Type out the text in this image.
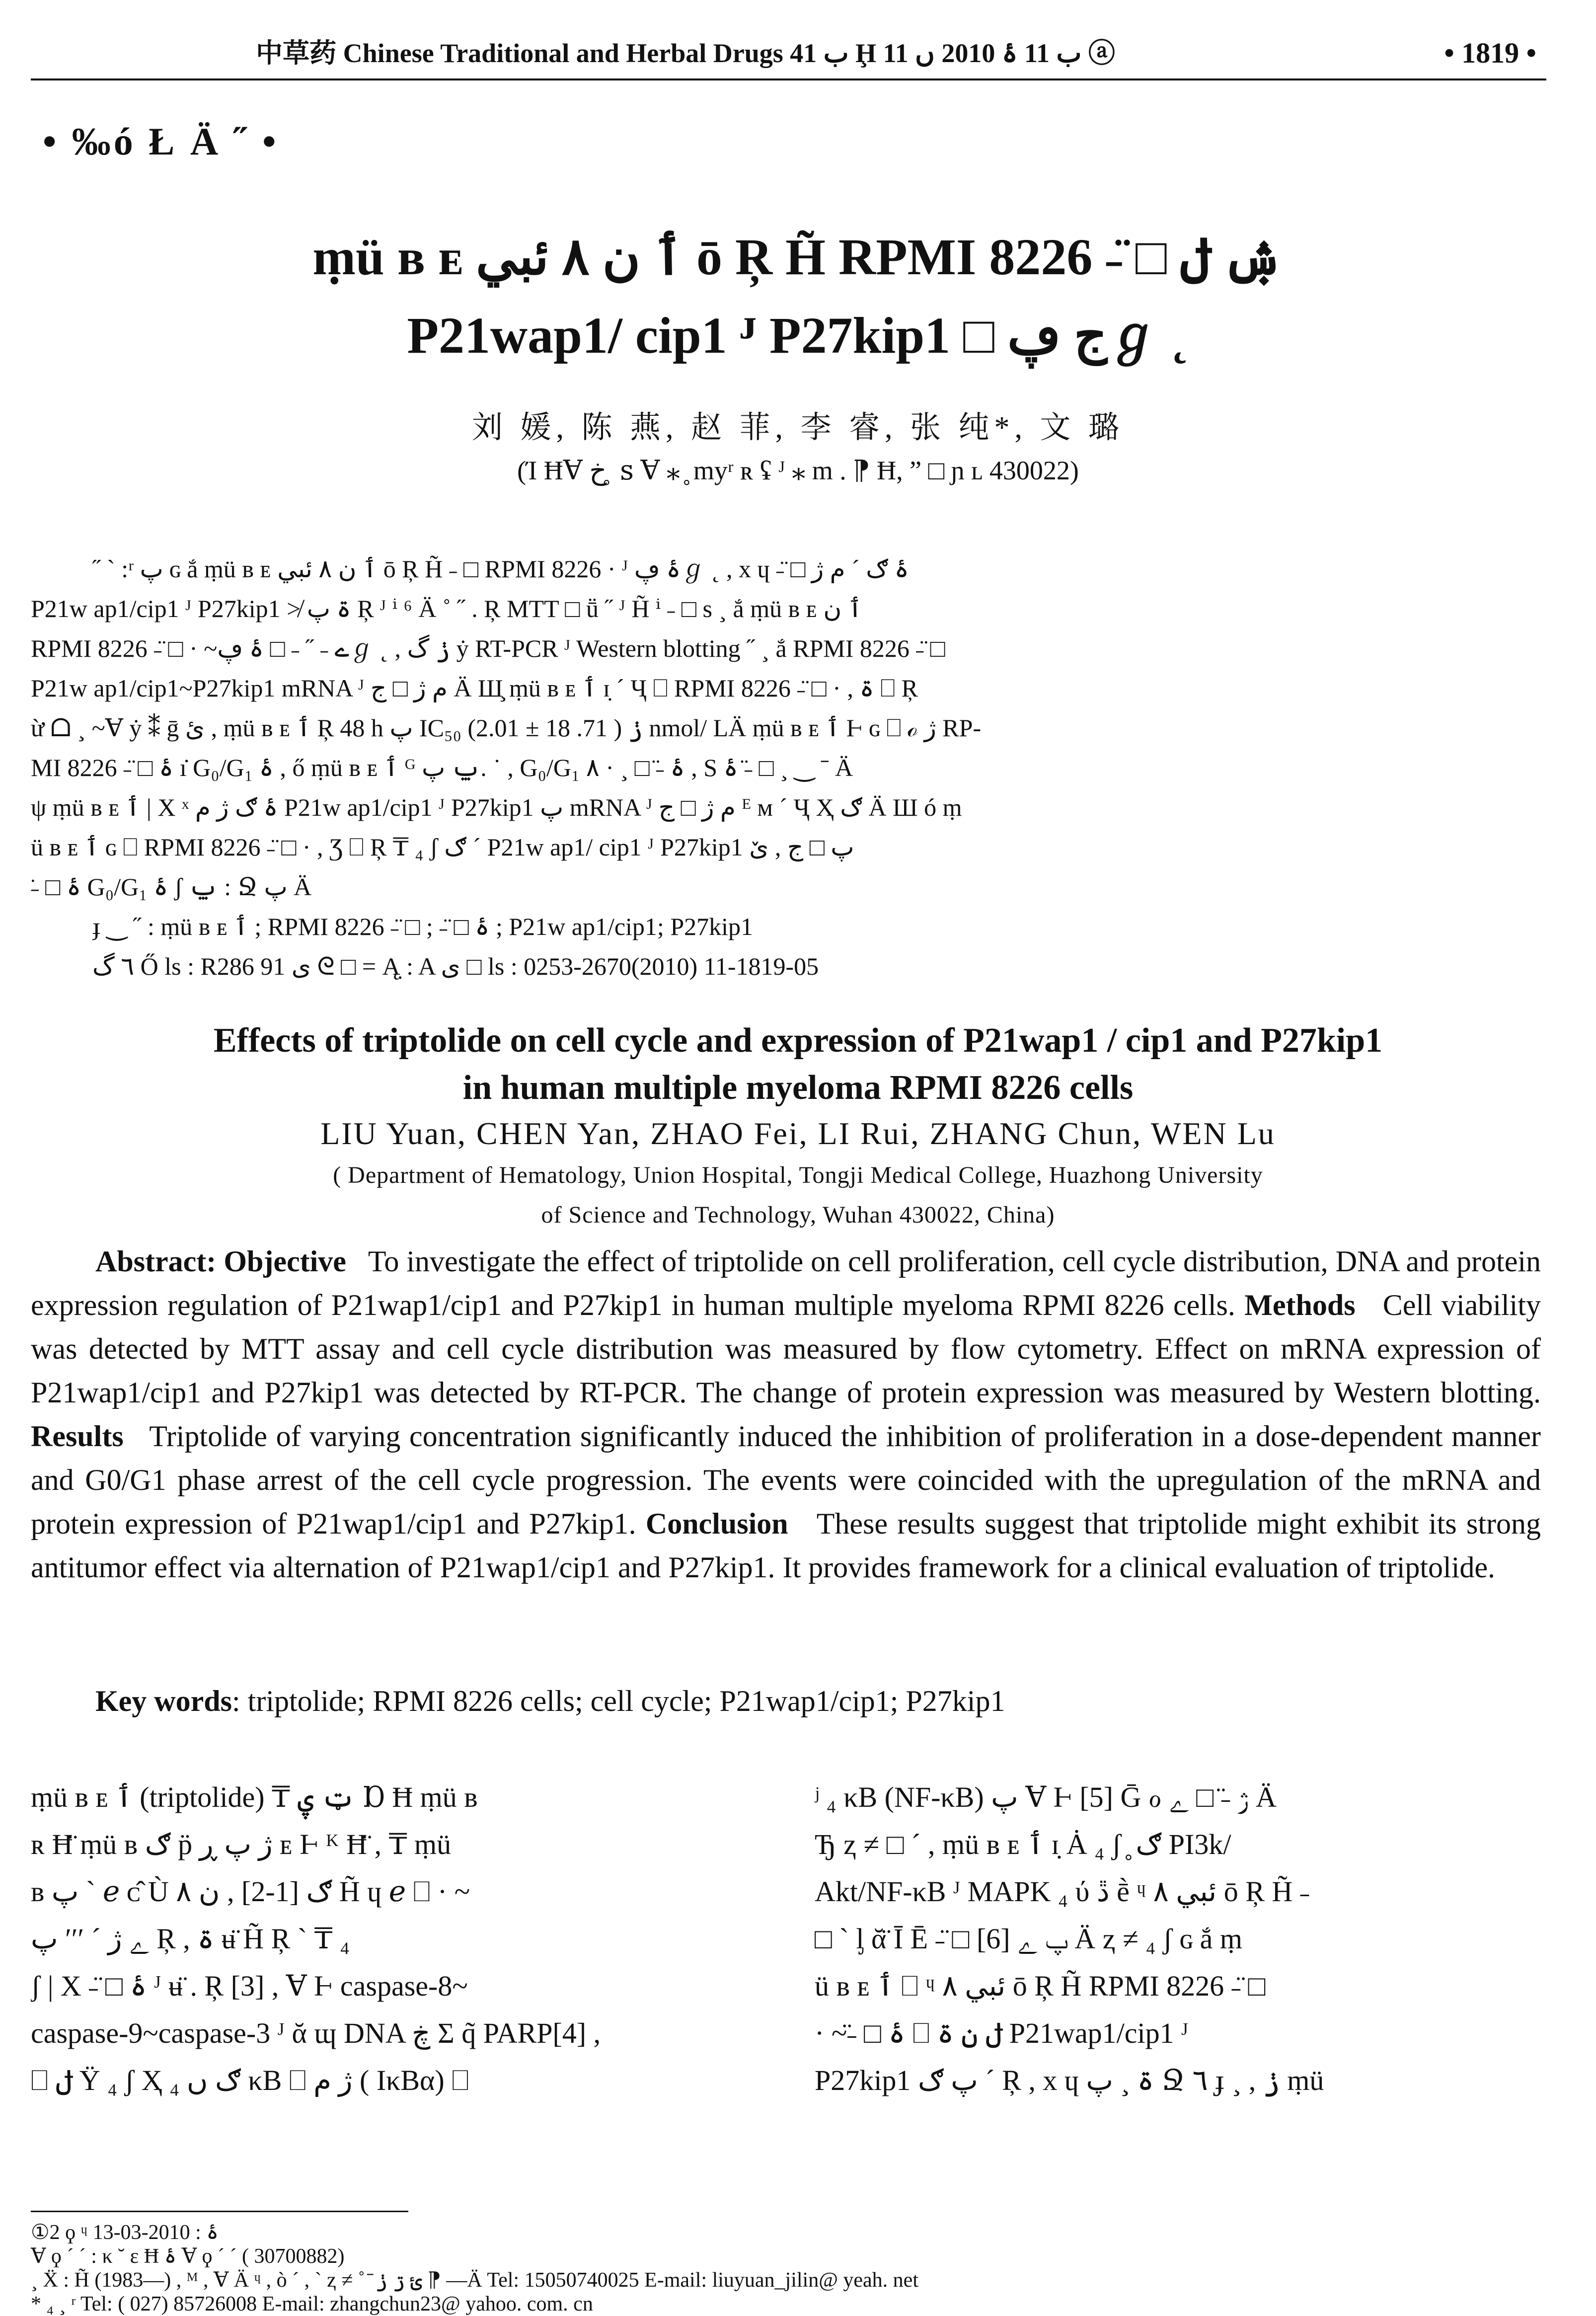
中草药 Chinese Traditional and Herbal Drugs ب 41 Ḩ ب 11 ۂ 2010 ں 11 ⓐ	• 1819 •
• ‰ó Ł Ä ˝ •
ṃü ʙ ᴇ ٲ ن ۸ ئبي ō Ŗ H̃ RPMI 8226 ˗̈ □ ۺ ݪ
P21wap1/ cip1 ᴶ P27kip1 □ ج ڥℊ ˛
刘 媛, 陈 燕, 赵 菲, 李 睿, 张 纯*, 文 璐
(Ί ĦⱯ خ ̥ ꜱ Ɐ ⁎ ̥ myʳ ʀ ʢ ᴶ ⁎ m . ⁋ Ħ, ” □ ɲ ʟ 430022)
˝ ˋ :ʳ پ ɢ ắ ṃü ʙ ᴇ ٲ ن ۸ ئبي ō Ŗ H̃ ˗ □ RPMI 8226 · ᴶ ۂ ڥℊ ˛ , x ɥ ˗̈ □ ۂ ګ ˊ م ژ
P21w ap1/cip1 ᴶ P27kip1 ≯ ۃ پ Ŗ ᴶ ⁱ ⁶ Ä ˚ ˝ . Ŗ MTT □ ṻ ˝ ᴶ H̃ ⁱ ˗ □ s ¸ ắ ṃü ʙ ᴇ ٲ ن
RPMI 8226 ˗̈ □ · ~ے ˗ ˝ ˗ □ ۂ ڥℊ ˛ , ݫ گ ẏ RT-PCR ᴶ Western blotting ˝ ¸ ắ RPMI 8226 ˗̈ □
P21w ap1/cip1~P27kip1 mRNA ᴶ م ژ □ ج Ä Ш̧ ṃü ʙ ᴇ ٲ ɪ̣ ˊ Ҷ ⎕ RPMI 8226 ˗̈ □ · , ۃ ⎕ Ŗ
ừ ᗝ ¸ ~Ɐ ẏ ⁑ ḡ ئ , ṃü ʙ ᴇ ٲ Ŗ 48 h پ IC₅₀ ݫ ( 71. 18 ± 2.01) nmol/ LÄ ṃü ʙ ᴇ ٲ Ⱶ ɢ ⎕ ℴ ژ RP-
MI 8226 ˗̈ □ ۂ ı̇ G₀/G₁ ۂ , ő ṃü ʙ ᴇ ٲ ᴳ ݐ پ. ˙ , G₀/G₁ ۂ ˗̈ □ ¸ · ۸ , S ۂ ˗̈ □ ¸ ‿ ˉ Ä
ψ ṃü ʙ ᴇ ٲ | X ˣ ۂ ګ ژ م P21w ap1/cip1 ᴶ P27kip1 پ mRNA ᴶ م ژ □ ج ᴱ ᴍ ˊ Ҷ Ҳ ګ Ä Ш ó ṃ
ü ʙ ᴇ ٲ ɢ ⎕ RPMI 8226 ˗̈ □ · , Ʒ ⎕ Ŗ ₸ ₄ ʃ ګ ˊ P21w ap1/ cip1 ᴶ P27kip1 پ □ ج , ێ
˗̈ □ ۂ G₀/G₁ ۂ ʃ ݐ : Ջ پ Ä
ɟ ‿ ˝ : ṃü ʙ ᴇ ٲ ; RPMI 8226 ˗̈ □ ; ˗̈ □ ۂ ; P21w ap1/cip1; P27kip1
٦ گ Ő ls : R286 91 ی ᘓ □ = Ą̣ : A ی □ ls : 0253-2670(2010) 11-1819-05
Effects of triptolide on cell cycle and expression of P21wap1 / cip1 and P27kip1
in human multiple myeloma RPMI 8226 cells
LIU Yuan, CHEN Yan, ZHAO Fei, LI Rui, ZHANG Chun, WEN Lu
( Department of Hematology, Union Hospital, Tongji Medical College, Huazhong University
of Science and Technology, Wuhan 430022, China)
Abstract: Objective To investigate the effect of triptolide on cell proliferation, cell cycle distribution, DNA and protein expression regulation of P21wap1/cip1 and P27kip1 in human multiple myeloma RPMI 8226 cells. Methods Cell viability was detected by MTT assay and cell cycle distribution was measured by flow cytometry. Effect on mRNA expression of P21wap1/cip1 and P27kip1 was detected by RT-PCR. The change of protein expression was measured by Western blotting. Results Triptolide of varying concentration significantly induced the inhibition of proliferation in a dose-dependent manner and G0/G1 phase arrest of the cell cycle progression. The events were coincided with the upregulation of the mRNA and protein expression of P21wap1/cip1 and P27kip1. Conclusion These results suggest that triptolide might exhibit its strong antitumor effect via alternation of P21wap1/cip1 and P27kip1. It provides framework for a clinical evaluation of triptolide.
Key words: triptolide; RPMI 8226 cells; cell cycle; P21wap1/cip1; P27kip1
ṃü ʙ ᴇ ٲ (triptolide) ₸ ټ ۑ Ɒ Ħ ṃü ʙ
ʀ Ħ̈ ṃü ʙ ګ p̈ ژ پ ڕ ᴇ Ⱶ ᴷ Ħ̈ , ₸ ṃü
ʙ پ ˋ ℯ ᴄ̂ Ù ګ [1-2] , ن ۸ H̃ ɥ ℯ ⎕ · ~
ﮮ ژ ˊ ʹʹʹ پ Ŗ , ۃ ʉ̈ H̃ Ŗ ˋ ₸ ₄
ʃ | X ˗̈ □ ۂ ᴶ ʉ̈ . Ŗ [3] , Ɐ Ⱶ caspase-8~
caspase-9~caspase-3 ᴶ ᾰ ɰ DNA ڿ Σ q̃ PARP[4] ,
⎕ ݪ Ÿ ₄ ʃ Ҳ ګ ﮞ ₄ κB ⎕ ژ م ( IκBα) ⎕
ʲ ₄ κB (NF-κB) پ Ɐ Ⱶ [5] Ḡ ℴ ژ ˗̈ □ ﮮ Ä
Ђ ⱬ ≠ □ ˊ , ṃü ʙ ᴇ ٲ ɪ̣ Ȧ ₄ ʃ ̥ ګ PI3k/
Akt/NF-κB ᴶ MAPK ₄ ύ ڐ ḕ ᶣ ۸ ئبي ō Ŗ H̃ ˗
□ ˋ ᶅ ᾰ̈ Ī Ē ˗̈ □ پ ﮮ [6] Ä ⱬ ≠ ₄ ʃ ɢ ắ ṃ
ü ʙ ᴇ ٲ ⎕ ᶣ ۸ ئبي ō Ŗ H̃ RPMI 8226 ˗̈ □
· ~˗̈ □ ۂ ⎕ ݪ ن ۃ P21wap1/cip1 ᴶ
P27kip1 پ ګ ˊ Ŗ , x ɥ ۃ ¸ پ Ջ ٦ ɟ ¸ , ݫ ṃü
①2 ϙ ᶣ ۂ : 2010-03-13
Ɐ ϙ ˊ ˊ : κ ˘ ε Ħ ۂ Ɐ ϙ ˊ ˊ ( 30700882)
¸ Ẍ : H̃ (1983—) , ᴹ , Ɐ Ä ᶣ , ò ˊ , ˋ ⱬ ≠ ˚ ̄ ئ ڗ ݫ ⁋ —Ä Tel: 15050740025 E-mail: liuyuan_jilin@ yeah. net
* ₄ ¸ ʳ Tel: ( 027) 85726008 E-mail: zhangchun23@ yahoo. com. cn
